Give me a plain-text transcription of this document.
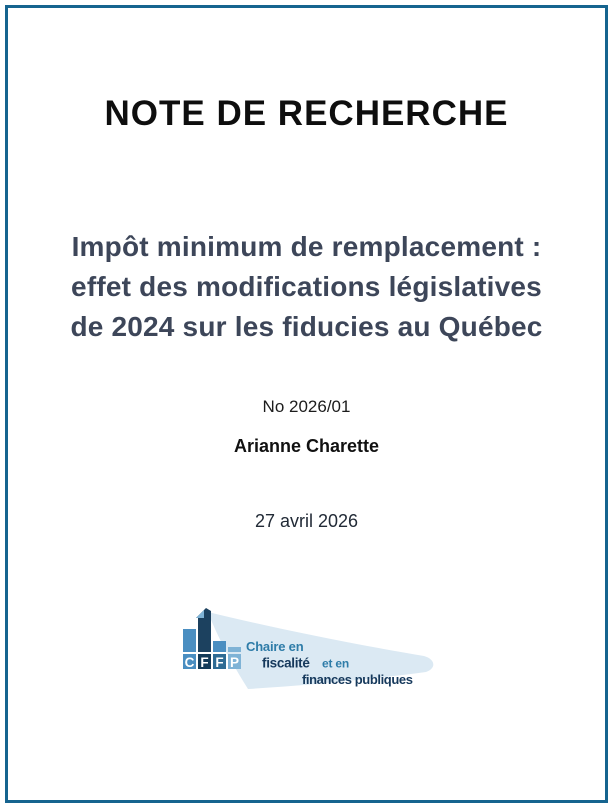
NOTE DE RECHERCHE

Impôt minimum de remplacement :

effet des modifications législatives

de 2024 sur les fiducies au Québec

No 2026/01

Arianne Charette

27 avril 2026

C F F P
Chaire en
fiscalité et en
finances publiques
